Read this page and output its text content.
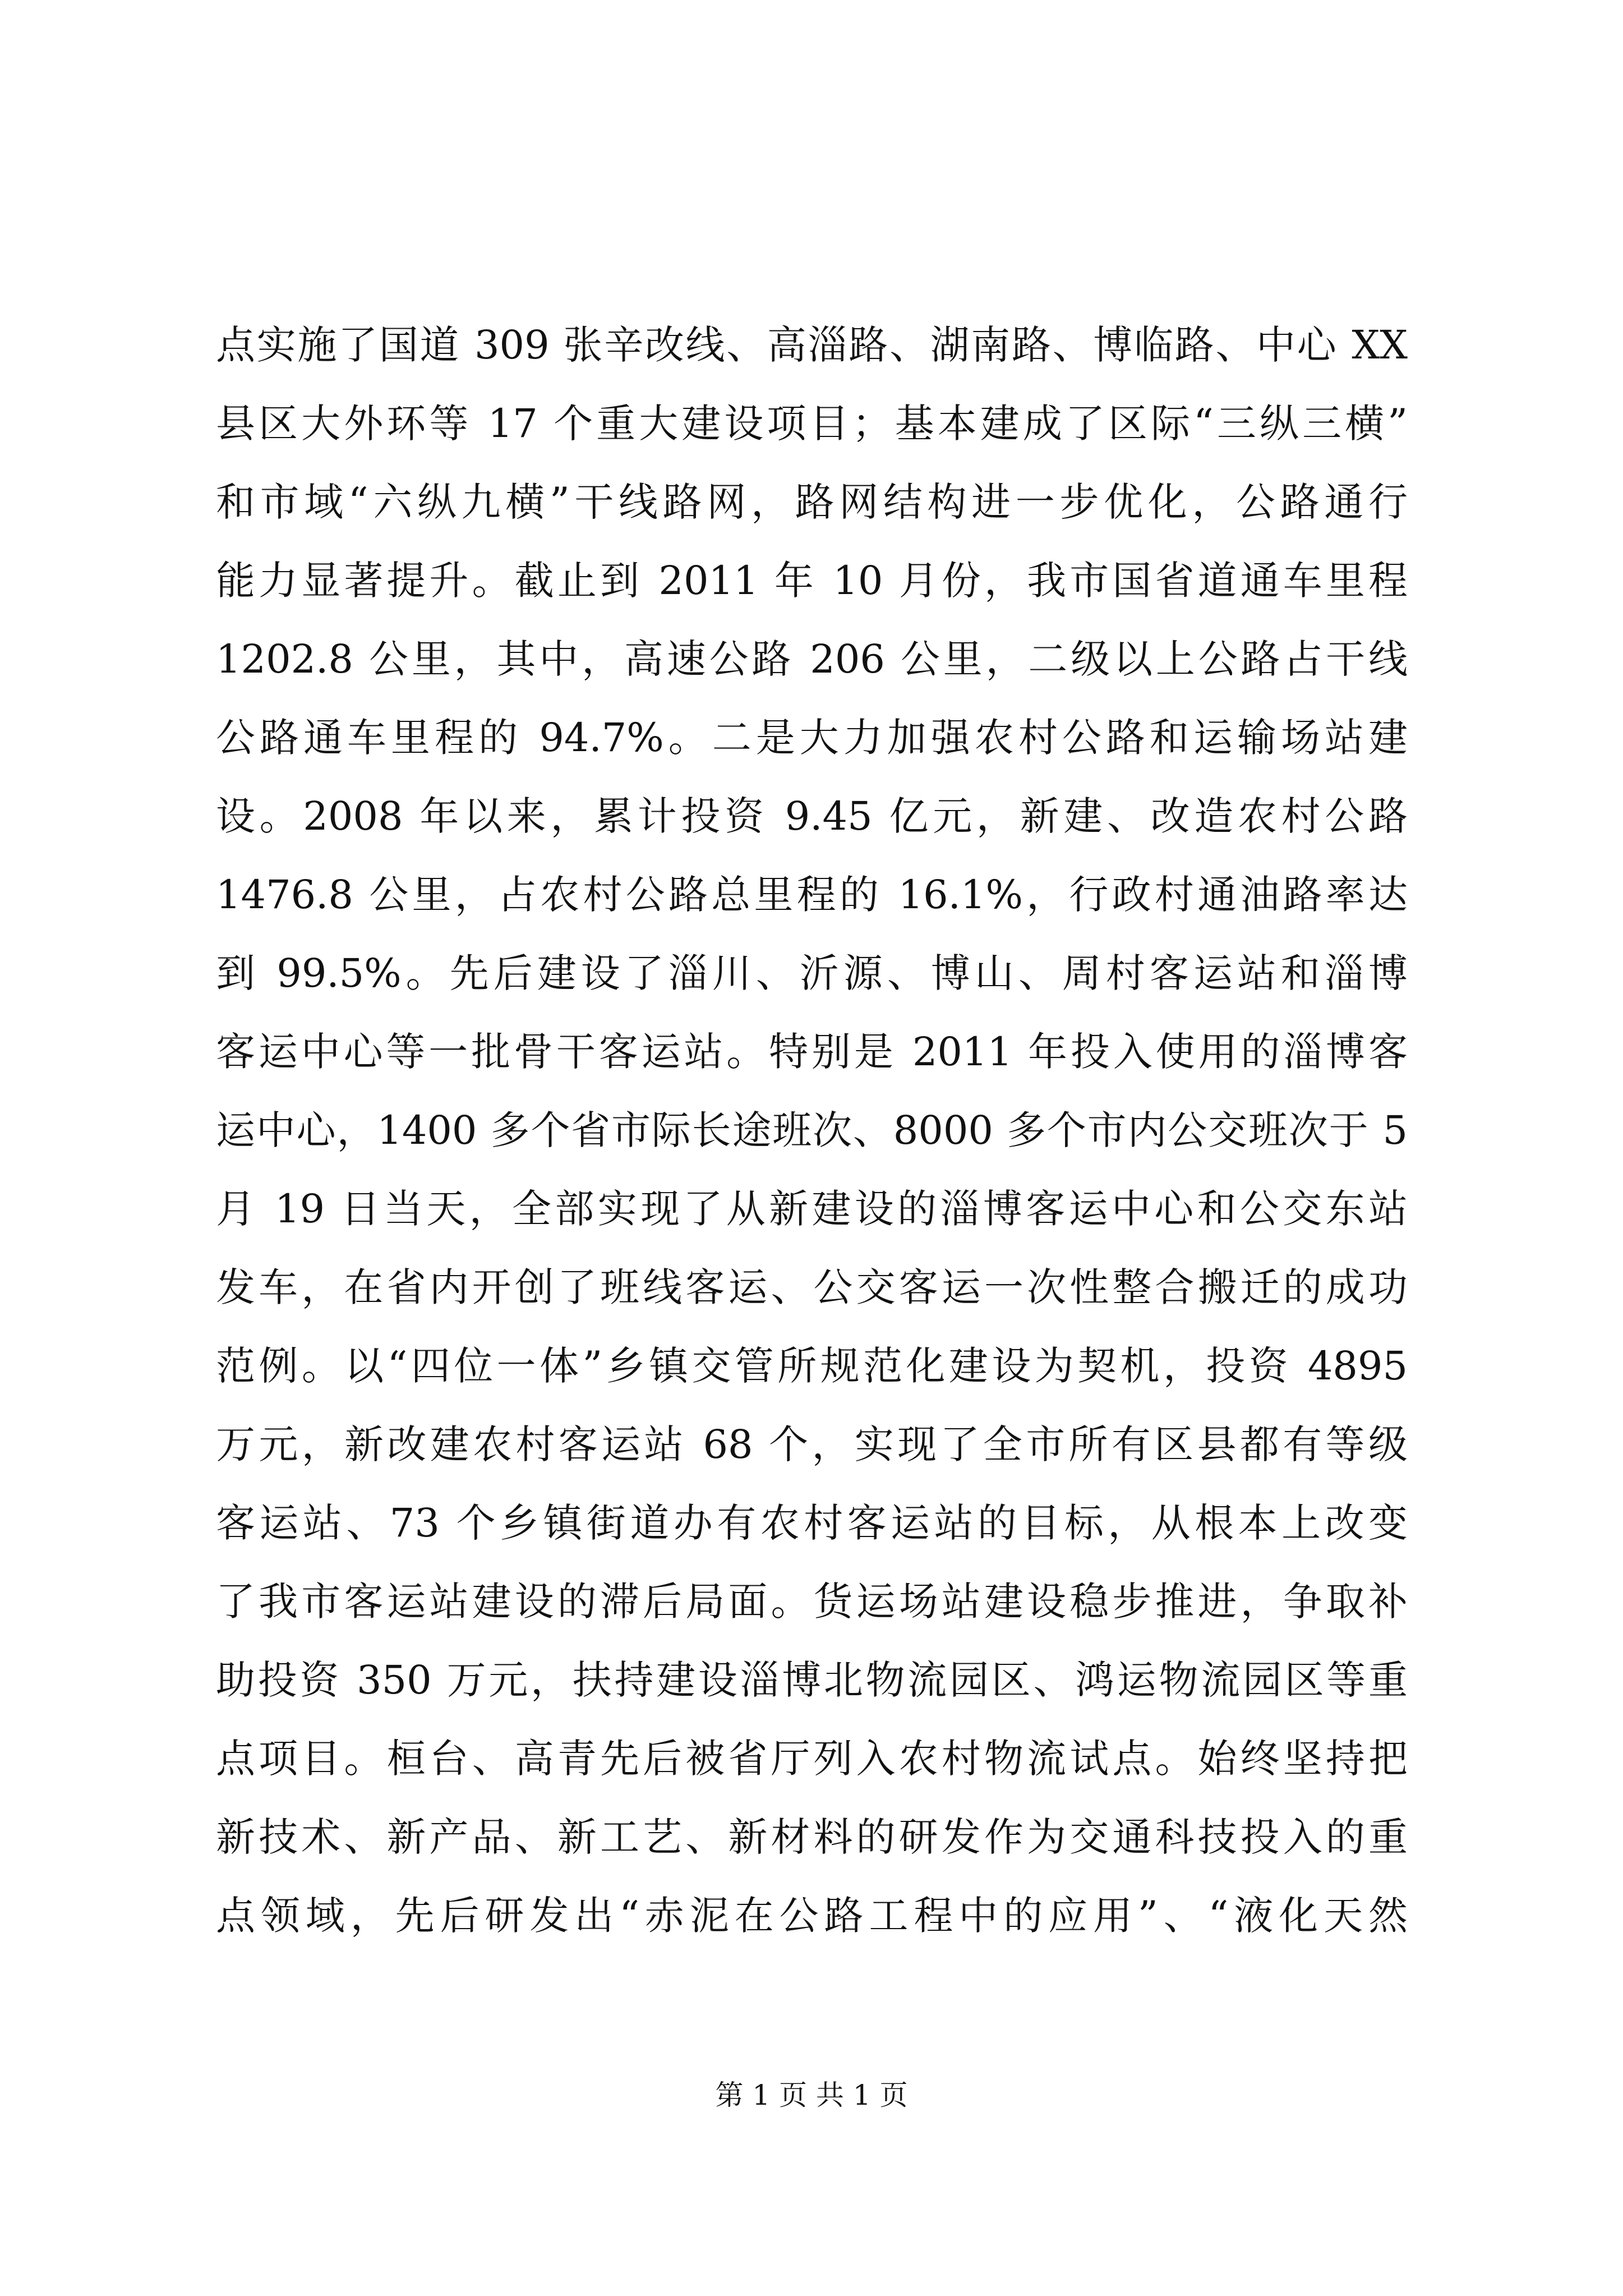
点实施了国道 309 张辛改线、高淄路、湖南路、博临路、中心 XX
县区大外环等 17 个重大建设项目；基本建成了区际“三纵三横”
和市域“六纵九横”干线路网，路网结构进一步优化，公路通行
能力显著提升。截止到 2011 年 10 月份，我市国省道通车里程
1202.8 公里，其中，高速公路 206 公里，二级以上公路占干线
公路通车里程的 94.7%。二是大力加强农村公路和运输场站建
设。2008 年以来，累计投资 9.45 亿元，新建、改造农村公路
1476.8 公里，占农村公路总里程的 16.1%，行政村通油路率达
到 99.5%。先后建设了淄川、沂源、博山、周村客运站和淄博
客运中心等一批骨干客运站。特别是 2011 年投入使用的淄博客
运中心，1400 多个省市际长途班次、8000 多个市内公交班次于 5
月 19 日当天，全部实现了从新建设的淄博客运中心和公交东站
发车，在省内开创了班线客运、公交客运一次性整合搬迁的成功
范例。以“四位一体”乡镇交管所规范化建设为契机，投资 4895
万元，新改建农村客运站 68 个，实现了全市所有区县都有等级
客运站、73 个乡镇街道办有农村客运站的目标，从根本上改变
了我市客运站建设的滞后局面。货运场站建设稳步推进，争取补
助投资 350 万元，扶持建设淄博北物流园区、鸿运物流园区等重
点项目。桓台、高青先后被省厅列入农村物流试点。始终坚持把
新技术、新产品、新工艺、新材料的研发作为交通科技投入的重
点领域，先后研发出“赤泥在公路工程中的应用”、“液化天然
第 1 页 共 1 页
